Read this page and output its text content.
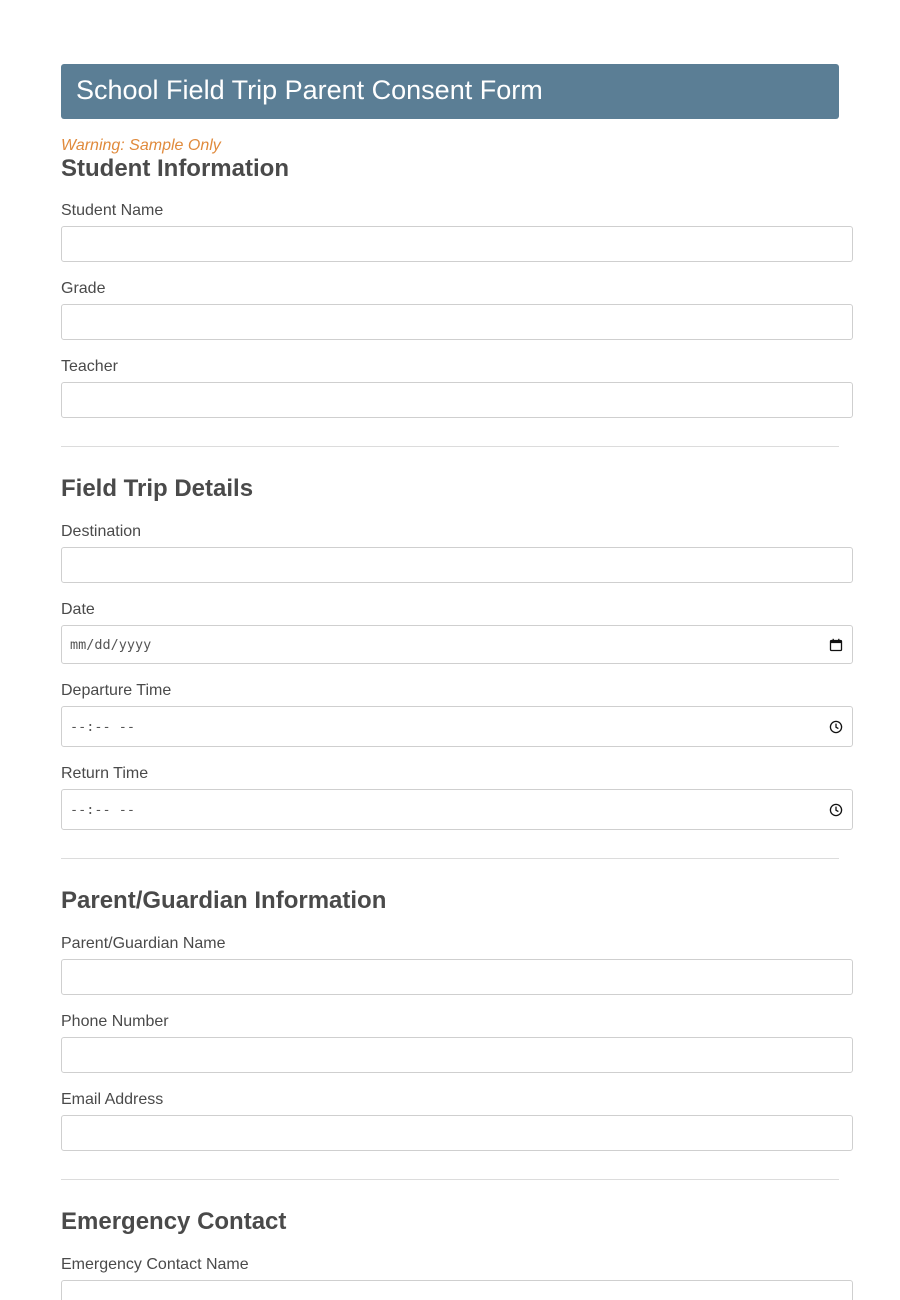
School Field Trip Parent Consent Form
Warning: Sample Only
Student Information
Student Name
Grade
Teacher
Field Trip Details
Destination
Date
mm/dd/yyyy
Departure Time
--:-- --
Return Time
--:-- --
Parent/Guardian Information
Parent/Guardian Name
Phone Number
Email Address
Emergency Contact
Emergency Contact Name
